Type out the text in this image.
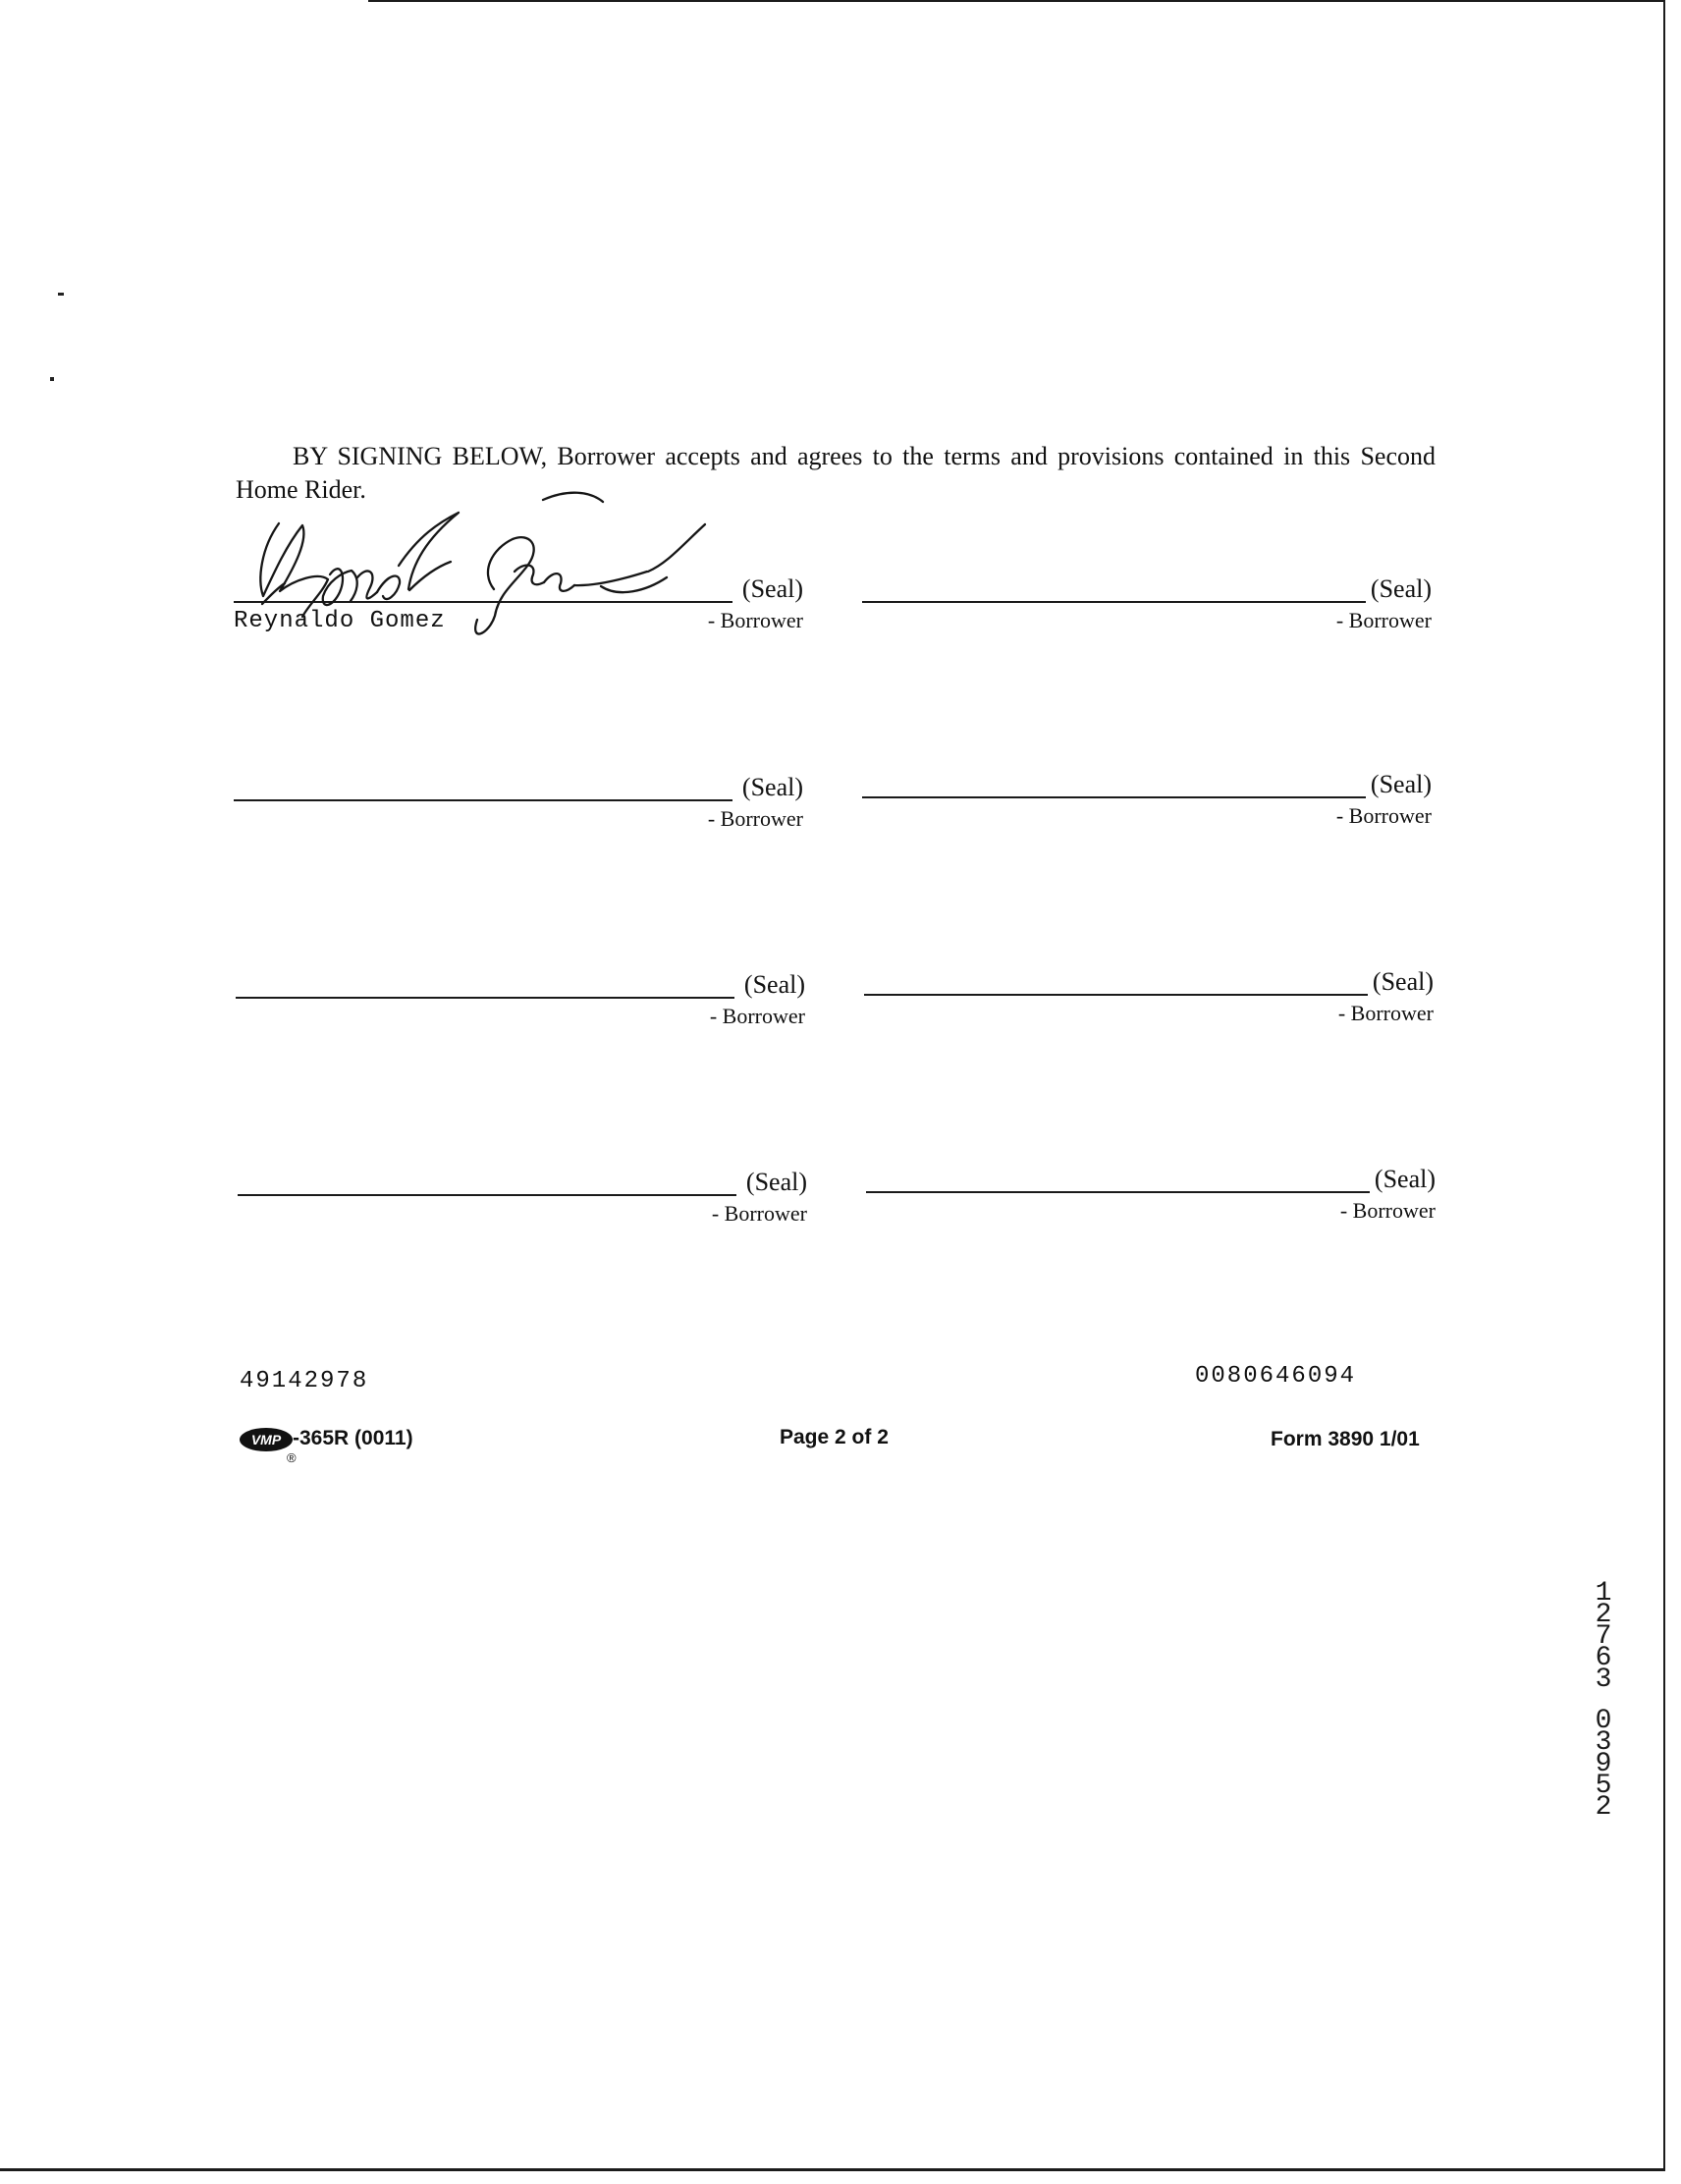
BY SIGNING BELOW, Borrower accepts and agrees to the terms and provisions contained in this Second Home Rider.
(Seal)
- Borrower
Reynaldo Gomez
(Seal)
- Borrower
(Seal)
- Borrower
(Seal)
- Borrower
(Seal)
- Borrower
(Seal)
- Borrower
(Seal)
- Borrower
(Seal)
- Borrower
49142978	0080646094
VMP
®
-365R (0011)	Page 2 of 2	Form 3890 1/01
1 2 7 6 3
0 3 9 5 2
